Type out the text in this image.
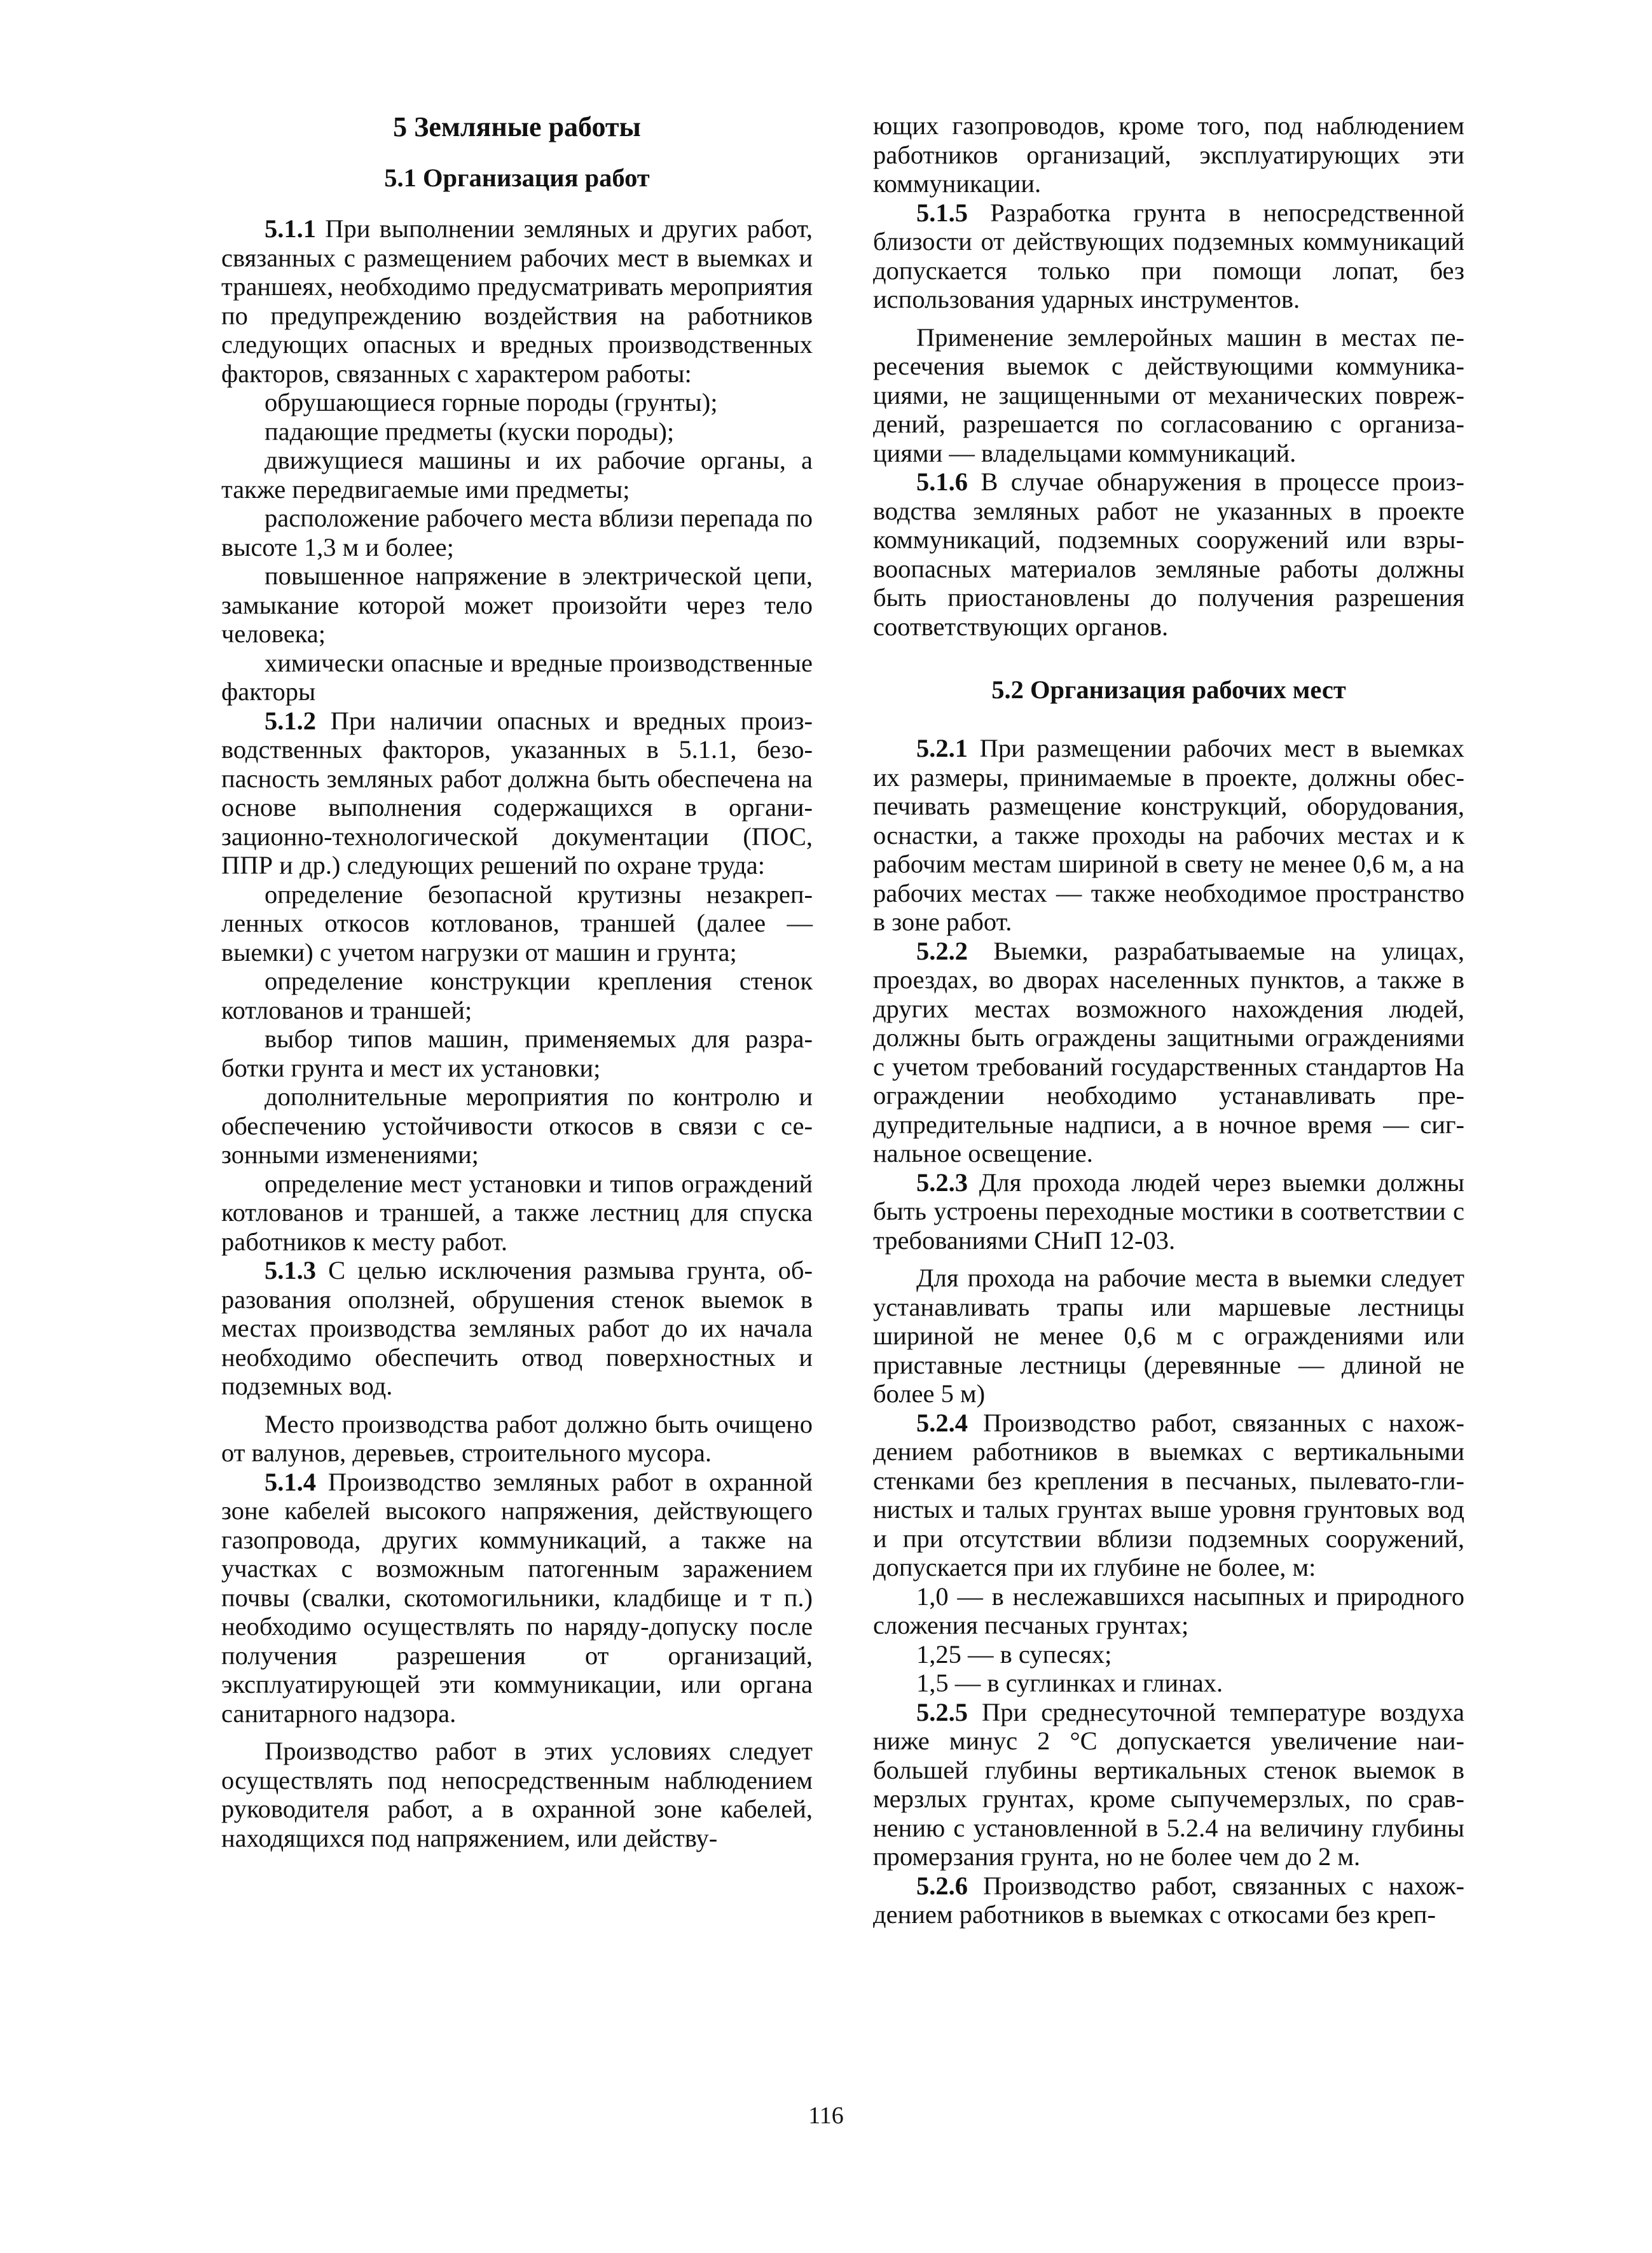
5 Земляные работы
5.1 Организация работ

5.1.1 При выполнении земляных и других работ, связанных с размещением рабочих мест в выемках и траншеях, необходимо предусматривать мероприятия по предупреждению воздействия на работников следующих опасных и вредных производственных факторов, связанных с характером работы:

обрушающиеся горные породы (грунты);

падающие предметы (куски породы);

движущиеся машины и их рабочие органы, а также передвигаемые ими предметы;

расположение рабочего места вблизи перепада по высоте 1,3 м и более;

повышенное напряжение в электрической цепи, замыкание которой может произойти через тело человека;

химически опасные и вредные производственные факторы

5.1.2 При наличии опасных и вредных производственных факторов, указанных в 5.1.1, безопасность земляных работ должна быть обеспечена на основе выполнения содержащихся в организационно-технологической документации (ПОС, ППР и др.) следующих решений по охране труда:

определение безопасной крутизны незакрепленных откосов котлованов, траншей (далее — выемки) с учетом нагрузки от машин и грунта;

определение конструкции крепления стенок котлованов и траншей;

выбор типов машин, применяемых для разработки грунта и мест их установки;

дополнительные мероприятия по контролю и обеспечению устойчивости откосов в связи с сезонными изменениями;

определение мест установки и типов ограждений котлованов и траншей, а также лестниц для спуска работников к месту работ.

5.1.3 С целью исключения размыва грунта, образования оползней, обрушения стенок выемок в местах производства земляных работ до их начала необходимо обеспечить отвод поверхностных и подземных вод.

Место производства работ должно быть очищено от валунов, деревьев, строительного мусора.

5.1.4 Производство земляных работ в охранной зоне кабелей высокого напряжения, действующего газопровода, других коммуникаций, а также на участках с возможным патогенным заражением почвы (свалки, скотомогильники, кладбище и т п.) необходимо осуществлять по наряду-допуску после получения разрешения от организаций, эксплуатирующей эти коммуникации, или органа санитарного надзора.

Производство работ в этих условиях следует осуществлять под непосредственным наблюдением руководителя работ, а в охранной зоне кабелей, находящихся под напряжением, или действу-

ющих газопроводов, кроме того, под наблюдением работников организаций, эксплуатирующих эти коммуникации.

5.1.5 Разработка грунта в непосредственной близости от действующих подземных коммуникаций допускается только при помощи лопат, без использования ударных инструментов.

Применение землеройных машин в местах пересечения выемок с действующими коммуникациями, не защищенными от механических повреждений, разрешается по согласованию с организациями — владельцами коммуникаций.

5.1.6 В случае обнаружения в процессе производства земляных работ не указанных в проекте коммуникаций, подземных сооружений или взрывоопасных материалов земляные работы должны быть приостановлены до получения разрешения соответствующих органов.

5.2 Организация рабочих мест

5.2.1 При размещении рабочих мест в выемках их размеры, принимаемые в проекте, должны обеспечивать размещение конструкций, оборудования, оснастки, а также проходы на рабочих местах и к рабочим местам шириной в свету не менее 0,6 м, а на рабочих местах — также необходимое пространство в зоне работ.

5.2.2 Выемки, разрабатываемые на улицах, проездах, во дворах населенных пунктов, а также в других местах возможного нахождения людей, должны быть ограждены защитными ограждениями с учетом требований государственных стандартов На ограждении необходимо устанавливать предупредительные надписи, а в ночное время — сигнальное освещение.

5.2.3 Для прохода людей через выемки должны быть устроены переходные мостики в соответствии с требованиями СНиП 12-03.

Для прохода на рабочие места в выемки следует устанавливать трапы или маршевые лестницы шириной не менее 0,6 м с ограждениями или приставные лестницы (деревянные — длиной не более 5 м)

5.2.4 Производство работ, связанных с нахождением работников в выемках с вертикальными стенками без крепления в песчаных, пылевато-глинистых и талых грунтах выше уровня грунтовых вод и при отсутствии вблизи подземных сооружений, допускается при их глубине не более, м:

1,0 — в неслежавшихся насыпных и природного сложения песчаных грунтах;

1,25 — в супесях;

1,5 — в суглинках и глинах.

5.2.5 При среднесуточной температуре воздуха ниже минус 2 °С допускается увеличение наибольшей глубины вертикальных стенок выемок в мерзлых грунтах, кроме сыпучемерзлых, по сравнению с установленной в 5.2.4 на величину глубины промерзания грунта, но не более чем до 2 м.

5.2.6 Производство работ, связанных с нахождением работников в выемках с откосами без креп-

116
